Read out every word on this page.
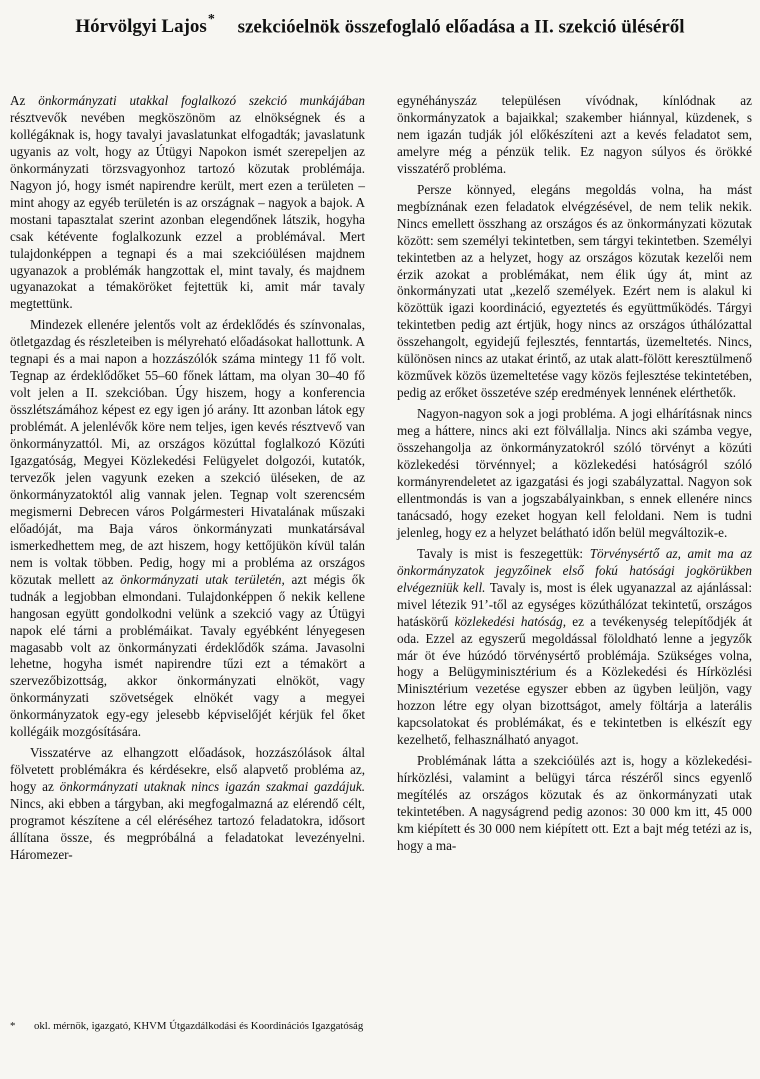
Hórvölgyi Lajos* szekcióelnök összefoglaló előadása a II. szekció üléséről

Az önkormányzati utakkal foglalkozó szekció munkájában résztvevők nevében megköszönöm az elnökségnek és a kollégáknak is, hogy tavalyi javaslatunkat elfogadták; javaslatunk ugyanis az volt, hogy az Útügyi Napokon ismét szerepeljen az önkormányzati törzsvagyonhoz tartozó közutak problémája. Nagyon jó, hogy ismét napirendre került, mert ezen a területen – mint ahogy az egyéb területén is az országnak – nagyok a bajok. A mostani tapasztalat szerint azonban elegendőnek látszik, hogyha csak kétévente foglalkozunk ezzel a problémával. Mert tulajdonképpen a tegnapi és a mai szekcióülésen majdnem ugyanazok a problémák hangzottak el, mint tavaly, és majdnem ugyanazokat a témaköröket fejtettük ki, amit már tavaly megtettünk.

Mindezek ellenére jelentős volt az érdeklődés és színvonalas, ötletgazdag és részleteiben is mélyreható előadásokat hallottunk. A tegnapi és a mai napon a hozzászólók száma mintegy 11 fő volt. Tegnap az érdeklődőket 55–60 főnek láttam, ma olyan 30–40 fő volt jelen a II. szekcióban. Úgy hiszem, hogy a konferencia összlétszámához képest ez egy igen jó arány. Itt azonban látok egy problémát. A jelenlévők köre nem teljes, igen kevés résztvevő van önkormányzattól. Mi, az országos közúttal foglalkozó Közúti Igazgatóság, Megyei Közlekedési Felügyelet dolgozói, kutatók, tervezők jelen vagyunk ezeken a szekció üléseken, de az önkormányzatoktól alig vannak jelen. Tegnap volt szerencsém megismerni Debrecen város Polgármesteri Hivatalának műszaki előadóját, ma Baja város önkormányzati munkatársával ismerkedhettem meg, de azt hiszem, hogy kettőjükön kívül talán nem is voltak többen. Pedig, hogy mi a probléma az országos közutak mellett az önkormányzati utak területén, azt mégis ők tudnák a legjobban elmondani. Tulajdonképpen ő nekik kellene hangosan együtt gondolkodni velünk a szekció vagy az Útügyi napok elé tárni a problémáikat. Tavaly egyébként lényegesen magasabb volt az önkormányzati érdeklődők száma. Javasolni lehetne, hogyha ismét napirendre tűzi ezt a témakört a szervezőbizottság, akkor önkormányzati elnököt, vagy önkormányzati szövetségek elnökét vagy a megyei önkormányzatok egy-egy jelesebb képviselőjét kérjük fel őket kollégáik mozgósítására.

Visszatérve az elhangzott előadások, hozzászólások által fölvetett problémákra és kérdésekre, első alapvető probléma az, hogy az önkormányzati utaknak nincs igazán szakmai gazdájuk. Nincs, aki ebben a tárgyban, aki megfogalmazná az elérendő célt, programot készítene a cél eléréséhez tartozó feladatokra, idősort állítana össze, és megpróbálná a feladatokat levezényelni. Háromezer-

egynéhányszáz településen vívódnak, kínlódnak az önkormányzatok a bajaikkal; szakember hiánnyal, küzdenek, s nem igazán tudják jól előkészíteni azt a kevés feladatot sem, amelyre még a pénzük telik. Ez nagyon súlyos és örökké visszatérő probléma.

Persze könnyed, elegáns megoldás volna, ha mást megbíznának ezen feladatok elvégzésével, de nem telik nekik. Nincs emellett összhang az országos és az önkormányzati közutak között: sem személyi tekintetben, sem tárgyi tekintetben. Személyi tekintetben az a helyzet, hogy az országos közutak kezelői nem érzik azokat a problémákat, nem élik úgy át, mint az önkormányzati utat „kezelő személyek. Ezért nem is alakul ki közöttük igazi koordináció, egyeztetés és együttműködés. Tárgyi tekintetben pedig azt értjük, hogy nincs az országos úthálózattal összehangolt, egyidejű fejlesztés, fenntartás, üzemeltetés. Nincs, különösen nincs az utakat érintő, az utak alatt-fölött keresztülmenő közművek közös üzemeltetése vagy közös fejlesztése tekintetében, pedig az erőket összetéve szép eredmények lennének elérthetők.

Nagyon-nagyon sok a jogi probléma. A jogi elhárításnak nincs meg a háttere, nincs aki ezt fölvállalja. Nincs aki számba vegye, összehangolja az önkormányzatokról szóló törvényt a közúti közlekedési törvénnyel; a közlekedési hatóságról szóló kormányrendeletet az igazgatási és jogi szabályzattal. Nagyon sok ellentmondás is van a jogszabályainkban, s ennek ellenére nincs tanácsadó, hogy ezeket hogyan kell feloldani. Nem is tudni jelenleg, hogy ez a helyzet belátható időn belül megváltozik-e.

Tavaly is mist is feszegettük: Törvénysértő az, amit ma az önkormányzatok jegyzőinek első fokú hatósági jogkörükben elvégezniük kell. Tavaly is, most is élek ugyanazzal az ajánlással: mivel létezik 91’-től az egységes közúthálózat tekintetű, országos hatáskörű közlekedési hatóság, ez a tevékenység telepítődjék át oda. Ezzel az egyszerű megoldással föloldható lenne a jegyzők már öt éve húzódó törvénysértő problémája. Szükséges volna, hogy a Belügyminisztérium és a Közlekedési és Hírközlési Minisztérium vezetése egyszer ebben az ügyben leüljön, vagy hozzon létre egy olyan bizottságot, amely föltárja a laterális kapcsolatokat és problémákat, és e tekintetben is elkészít egy kezelhető, felhasználható anyagot.

Problémának látta a szekcióülés azt is, hogy a közlekedési-hírközlési, valamint a belügyi tárca részéről sincs egyenlő megítélés az országos közutak és az önkormányzati utak tekintetében. A nagyságrend pedig azonos: 30 000 km itt, 45 000 km kiépített és 30 000 nem kiépített ott. Ezt a bajt még tetézi az is, hogy a ma-

* okl. mérnök, igazgató, KHVM Útgazdálkodási és Koordinációs Igazgatóság
